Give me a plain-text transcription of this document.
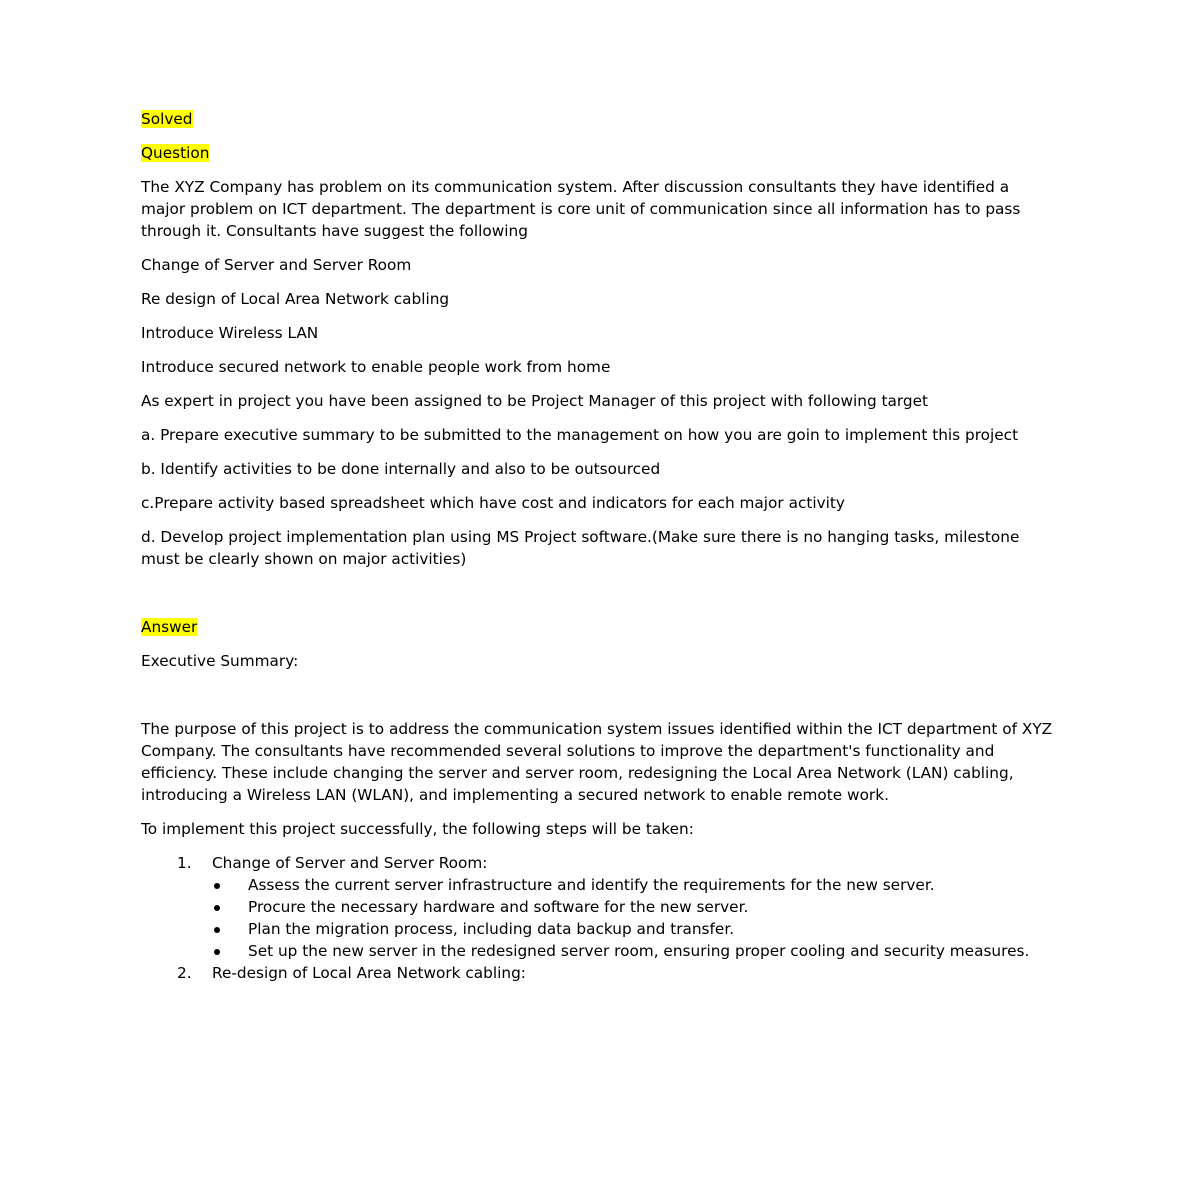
Solved

Question

The XYZ Company has problem on its communication system. After discussion consultants they have identified a major problem on ICT department. The department is core unit of communication since all information has to pass through it. Consultants have suggest the following

Change of Server and Server Room

Re design of Local Area Network cabling

Introduce Wireless LAN

Introduce secured network to enable people work from home

As expert in project you have been assigned to be Project Manager of this project with following target

a. Prepare executive summary to be submitted to the management on how you are goin to implement this project

b. Identify activities to be done internally and also to be outsourced

c.Prepare activity based spreadsheet which have cost and indicators for each major activity

d. Develop project implementation plan using MS Project software.(Make sure there is no hanging tasks, milestone must be clearly shown on major activities)

Answer

Executive Summary:

The purpose of this project is to address the communication system issues identified within the ICT department of XYZ Company. The consultants have recommended several solutions to improve the department's functionality and efficiency. These include changing the server and server room, redesigning the Local Area Network (LAN) cabling, introducing a Wireless LAN (WLAN), and implementing a secured network to enable remote work.

To implement this project successfully, the following steps will be taken:

1. Change of Server and Server Room:
Assess the current server infrastructure and identify the requirements for the new server.
Procure the necessary hardware and software for the new server.
Plan the migration process, including data backup and transfer.
Set up the new server in the redesigned server room, ensuring proper cooling and security measures.
2. Re-design of Local Area Network cabling:
